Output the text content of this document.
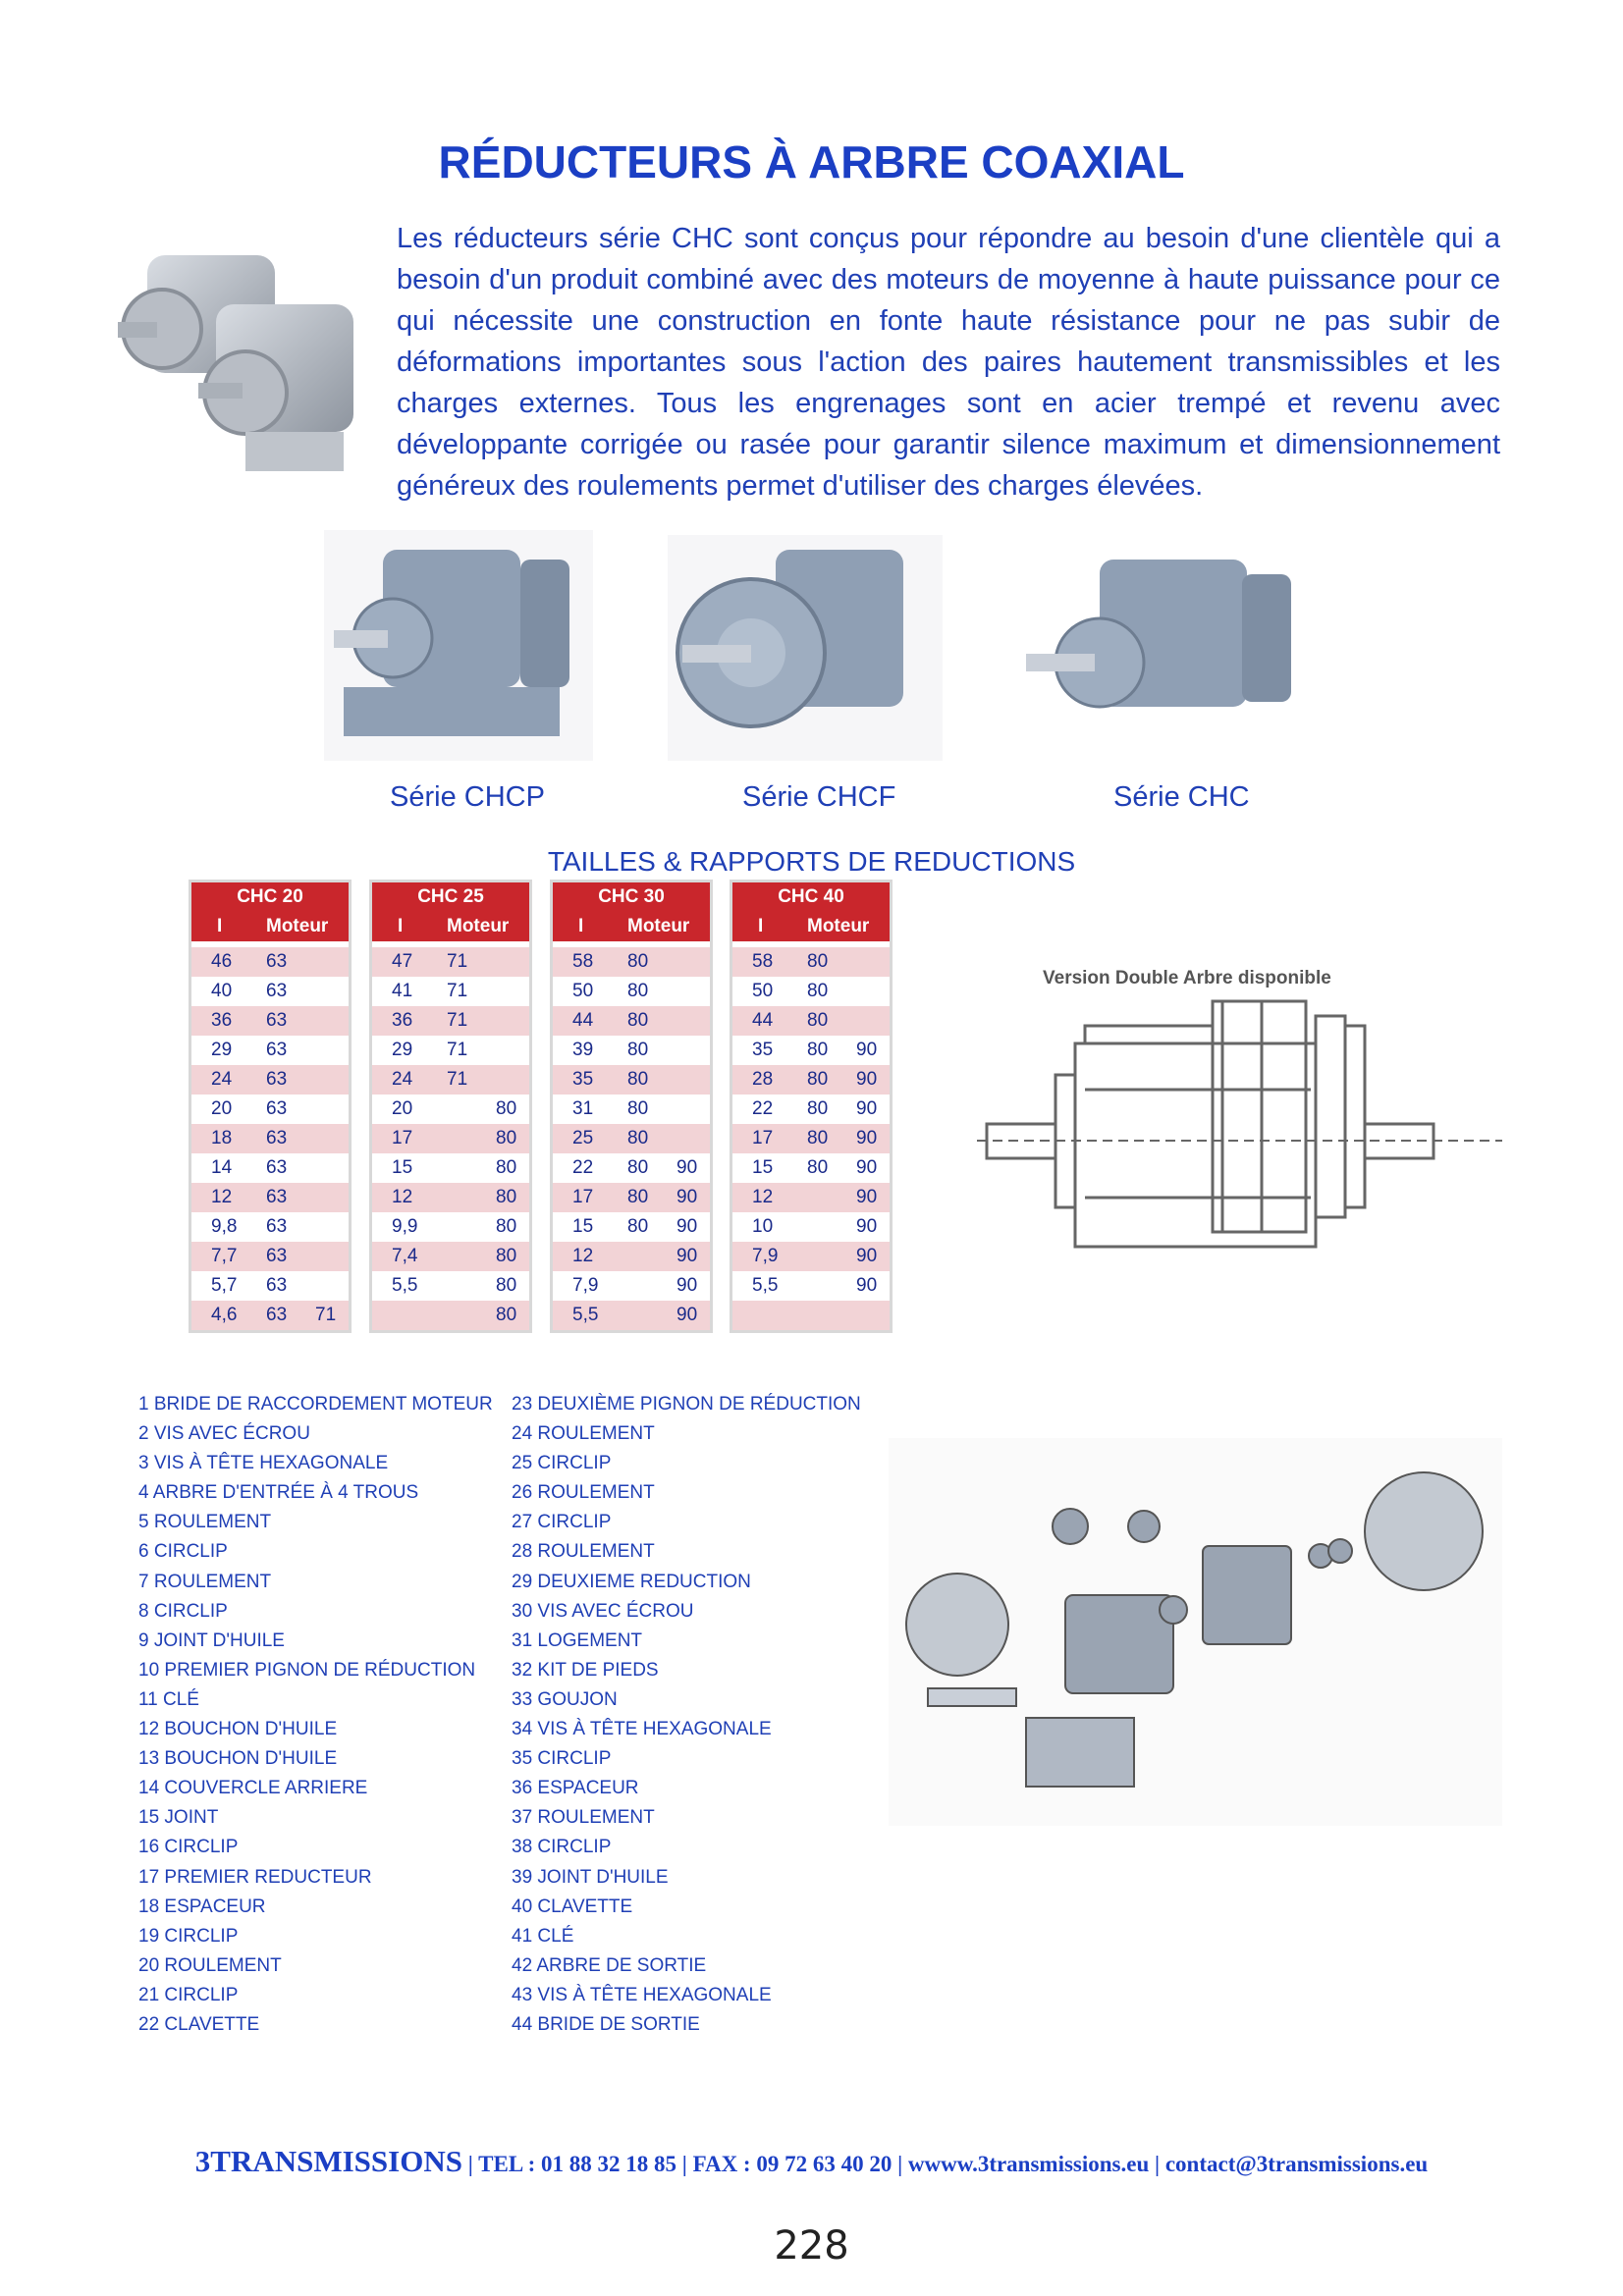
RÉDUCTEURS À ARBRE COAXIAL
Les réducteurs série CHC sont conçus pour répondre au besoin d'une clientèle qui a besoin d'un produit combiné avec des moteurs de moyenne à haute puissance pour ce qui nécessite une construction en fonte haute résistance pour ne pas subir de déformations importantes sous l'action des paires hautement transmissibles et les charges externes. Tous les engrenages sont en acier trempé et revenu avec développante corrigée ou rasée pour garantir silence maximum et dimensionnement généreux des roulements permet d'utiliser des charges élevées.
Série CHCP	Série CHCF	Série CHC
TAILLES & RAPPORTS DE REDUCTIONS
CHC 20
I Moteur
46 63
40 63
36 63
29 63
24 63
20 63
18 63
14 63
12 63
9,8 63
7,7 63
5,7 63
4,6 63 71
CHC 25
I Moteur
47 71
41 71
36 71
29 71
24 71
20	80
17	80
15	80
12	80
9,9	80
7,4	80
5,5	80
80
CHC 30
I Moteur
58 80
50 80
44 80
39 80
35 80
31 80
25 80
22 80 90
17 80 90
15 80 90
12	90
7,9	90
5,5	90
CHC 40
I Moteur
58 80
50 80
44 80
35 80 90
28 80 90
22 80 90
17 80 90
15 80 90
12	90
10	90
7,9	90
5,5	90
Version Double Arbre disponible
1 BRIDE DE RACCORDEMENT MOTEUR
2 VIS AVEC ÉCROU
3 VIS À TÊTE HEXAGONALE
4 ARBRE D'ENTRÉE À 4 TROUS
5 ROULEMENT
6 CIRCLIP
7 ROULEMENT
8 CIRCLIP
9 JOINT D'HUILE
10 PREMIER PIGNON DE RÉDUCTION
11 CLÉ
12 BOUCHON D'HUILE
13 BOUCHON D'HUILE
14 COUVERCLE ARRIERE
15 JOINT
16 CIRCLIP
17 PREMIER REDUCTEUR
18 ESPACEUR
19 CIRCLIP
20 ROULEMENT
21 CIRCLIP
22 CLAVETTE
23 DEUXIÈME PIGNON DE RÉDUCTION
24 ROULEMENT
25 CIRCLIP
26 ROULEMENT
27 CIRCLIP
28 ROULEMENT
29 DEUXIEME REDUCTION
30 VIS AVEC ÉCROU
31 LOGEMENT
32 KIT DE PIEDS
33 GOUJON
34 VIS À TÊTE HEXAGONALE
35 CIRCLIP
36 ESPACEUR
37 ROULEMENT
38 CIRCLIP
39 JOINT D'HUILE
40 CLAVETTE
41 CLÉ
42 ARBRE DE SORTIE
43 VIS À TÊTE HEXAGONALE
44 BRIDE DE SORTIE
3TRANSMISSIONS | TEL : 01 88 32 18 85 | FAX : 09 72 63 40 20 | wwww.3transmissions.eu | contact@3transmissions.eu
228
